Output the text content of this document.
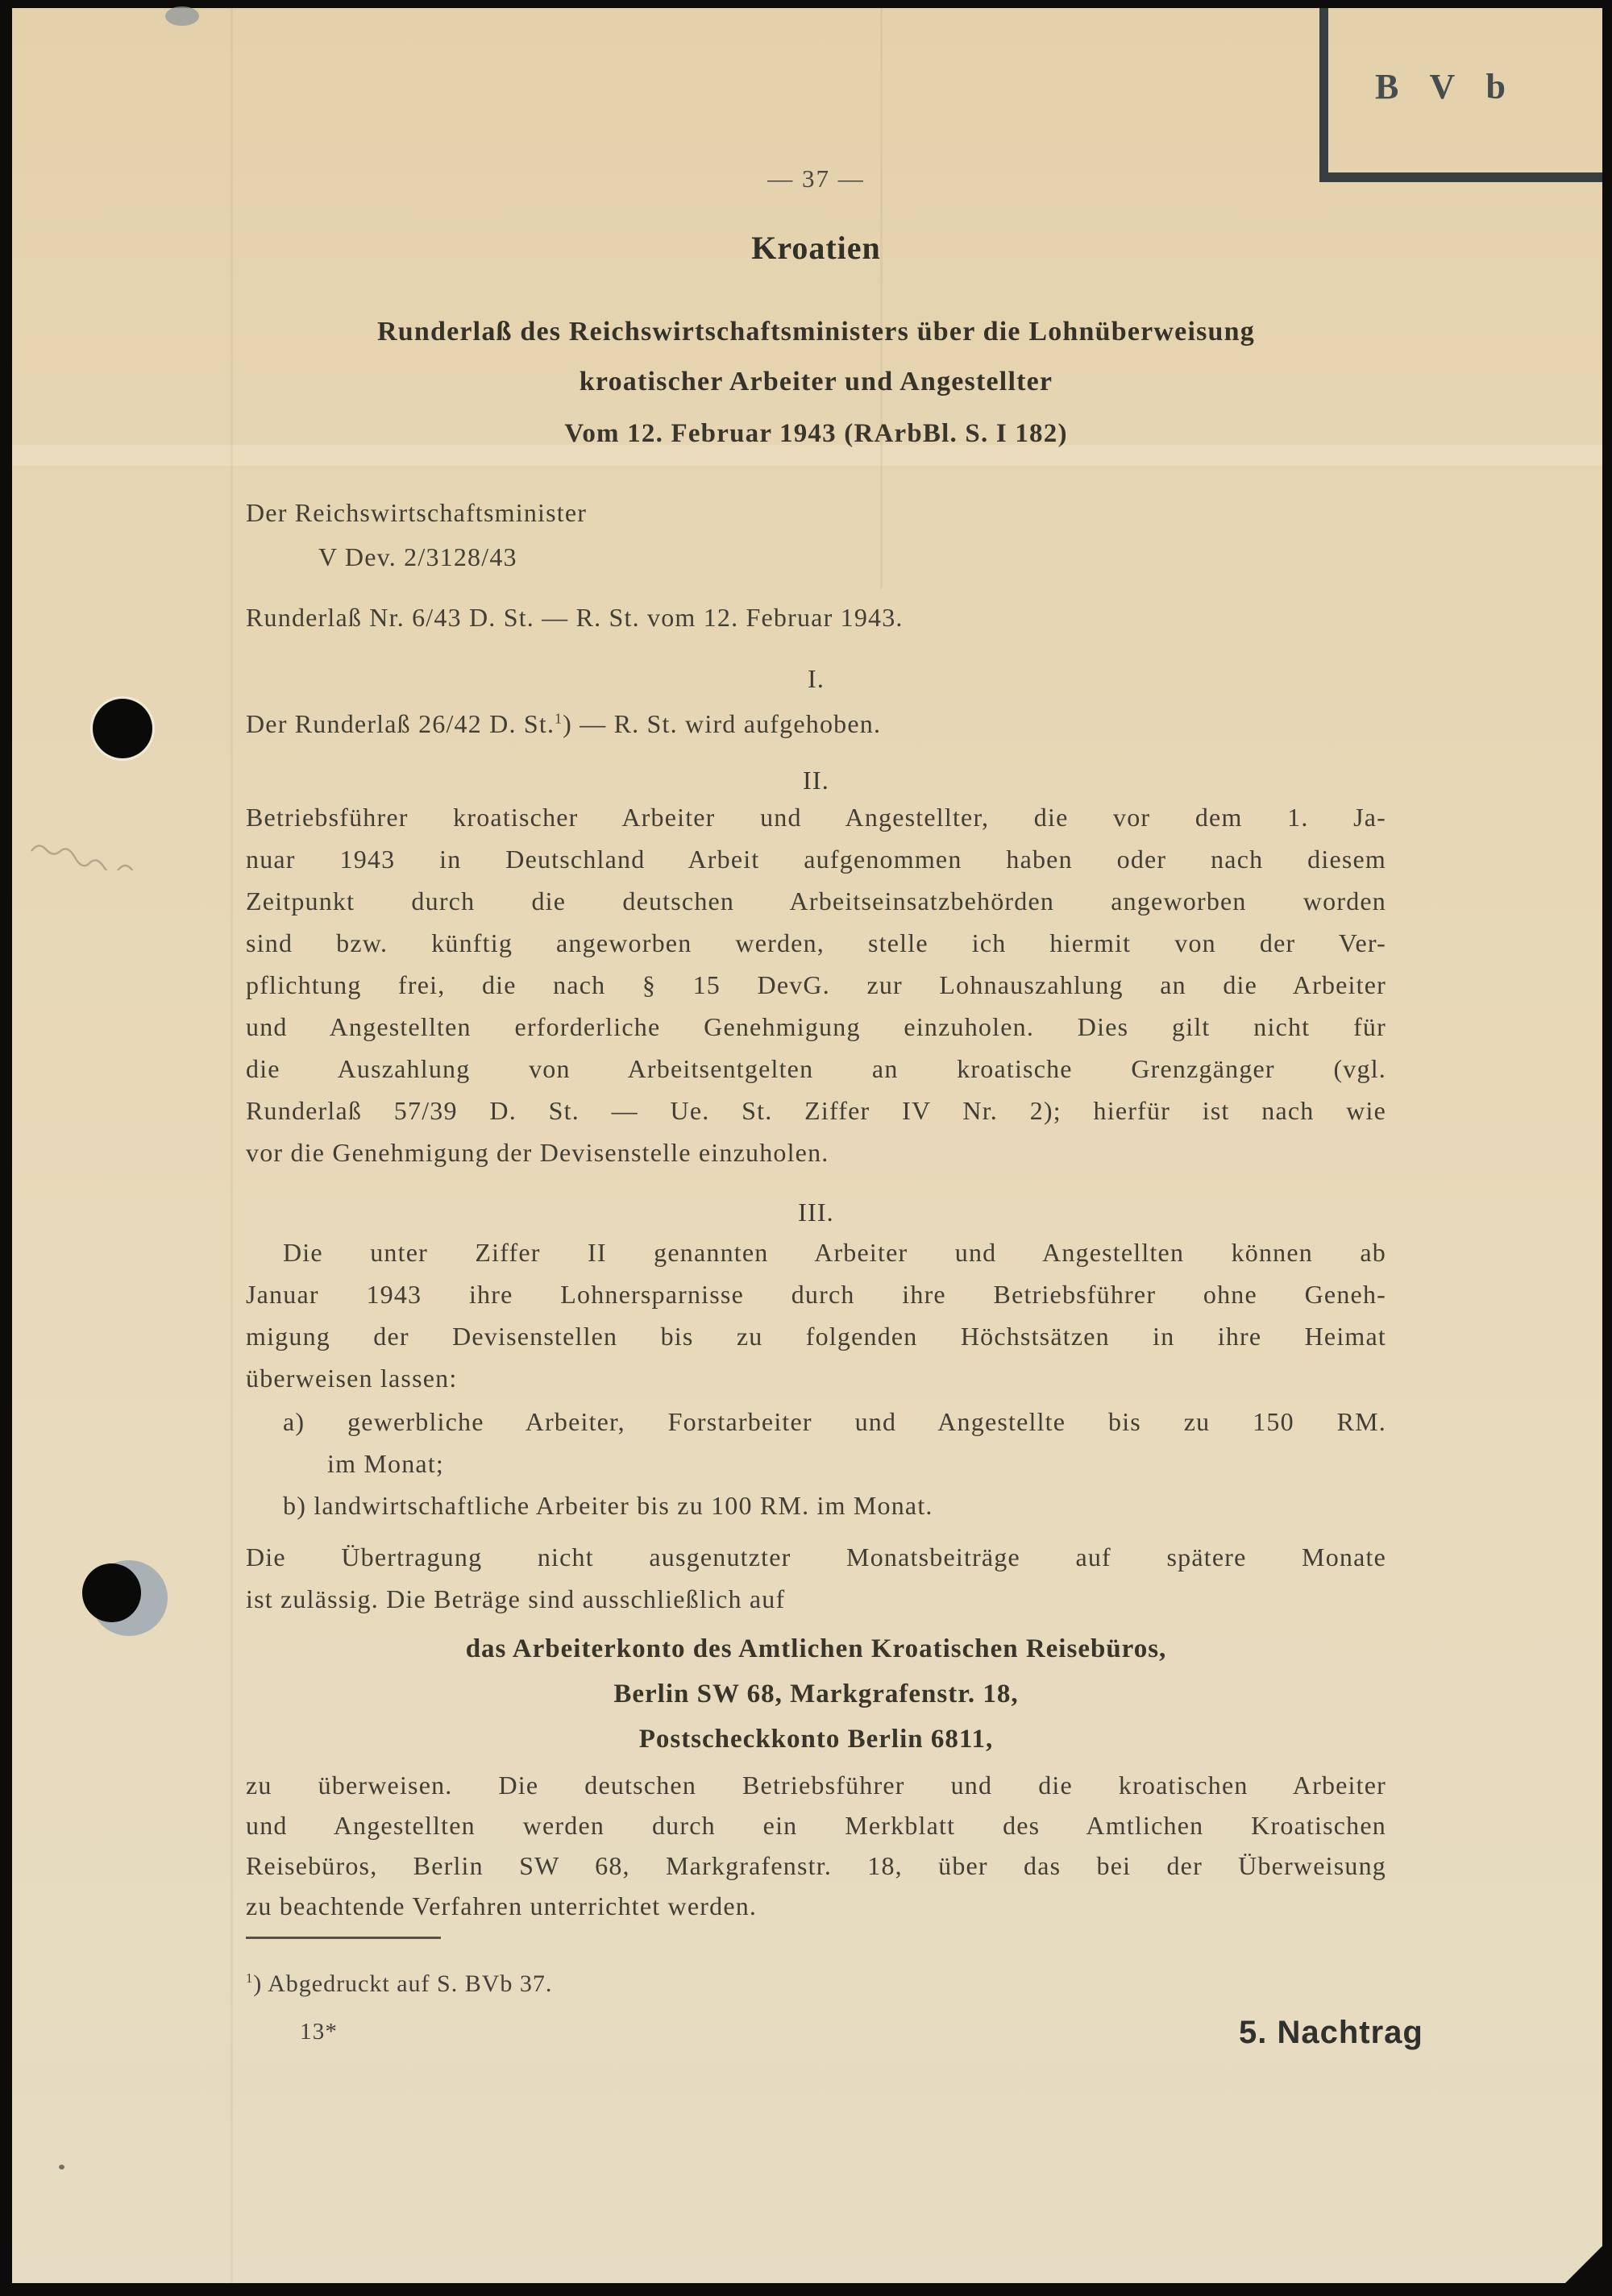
B V b
— 37 —
Kroatien
Runderlaß des Reichswirtschaftsministers über die Lohnüberweisung
kroatischer Arbeiter und Angestellter
Vom 12. Februar 1943 (RArbBl. S. I 182)
Der Reichswirtschaftsminister
V Dev. 2/3128/43
Runderlaß Nr. 6/43 D. St. — R. St. vom 12. Februar 1943.
I.
Der Runderlaß 26/42 D. St.$^1$) — R. St. wird aufgehoben.
II.
Betriebsführer kroatischer Arbeiter und Angestellter, die vor dem 1. Ja-
nuar 1943 in Deutschland Arbeit aufgenommen haben oder nach diesem
Zeitpunkt durch die deutschen Arbeitseinsatzbehörden angeworben worden
sind bzw. künftig angeworben werden, stelle ich hiermit von der Ver-
pflichtung frei, die nach § 15 DevG. zur Lohnauszahlung an die Arbeiter
und Angestellten erforderliche Genehmigung einzuholen. Dies gilt nicht für
die Auszahlung von Arbeitsentgelten an kroatische Grenzgänger (vgl.
Runderlaß 57/39 D. St. — Ue. St. Ziffer IV Nr. 2); hierfür ist nach wie
vor die Genehmigung der Devisenstelle einzuholen.
III.
Die unter Ziffer II genannten Arbeiter und Angestellten können ab
Januar 1943 ihre Lohnersparnisse durch ihre Betriebsführer ohne Geneh-
migung der Devisenstellen bis zu folgenden Höchstsätzen in ihre Heimat
überweisen lassen:
a) gewerbliche Arbeiter, Forstarbeiter und Angestellte bis zu 150 RM.
im Monat;
b) landwirtschaftliche Arbeiter bis zu 100 RM. im Monat.
Die Übertragung nicht ausgenutzter Monatsbeiträge auf spätere Monate
ist zulässig. Die Beträge sind ausschließlich auf
das Arbeiterkonto des Amtlichen Kroatischen Reisebüros,
Berlin SW 68, Markgrafenstr. 18,
Postscheckkonto Berlin 6811,
zu überweisen. Die deutschen Betriebsführer und die kroatischen Arbeiter
und Angestellten werden durch ein Merkblatt des Amtlichen Kroatischen
Reisebüros, Berlin SW 68, Markgrafenstr. 18, über das bei der Überweisung
zu beachtende Verfahren unterrichtet werden.
$^1$) Abgedruckt auf S. BVb 37.
13*	5. Nachtrag
